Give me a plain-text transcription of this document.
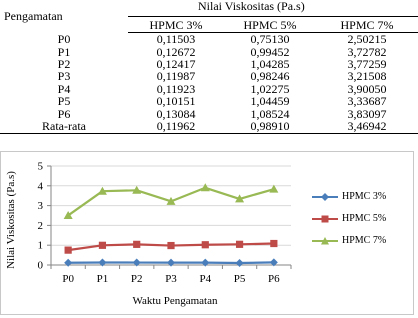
Pengamatan	Nilai Viskositas (Pa.s)		
	HPMC 3%	HPMC 5%	HPMC 7%
P0	0,11503	0,75130	2,50215
P1	0,12672	0,99452	3,72782
P2	0,12417	1,04285	3,77259
P3	0,11987	0,98246	3,21508
P4	0,11923	1,02275	3,90050
P5	0,10151	1,04459	3,33687
P6	0,13084	1,08524	3,83097
Rata-rata	0,11962	0,98910	3,46942
0
1
2
3
4
5
P0 P1 P2 P3 P4 P5 P6
Nilai Viskositas (Pa.s)
Waktu Pengamatan
HPMC 3%
HPMC 5%
HPMC 7%
